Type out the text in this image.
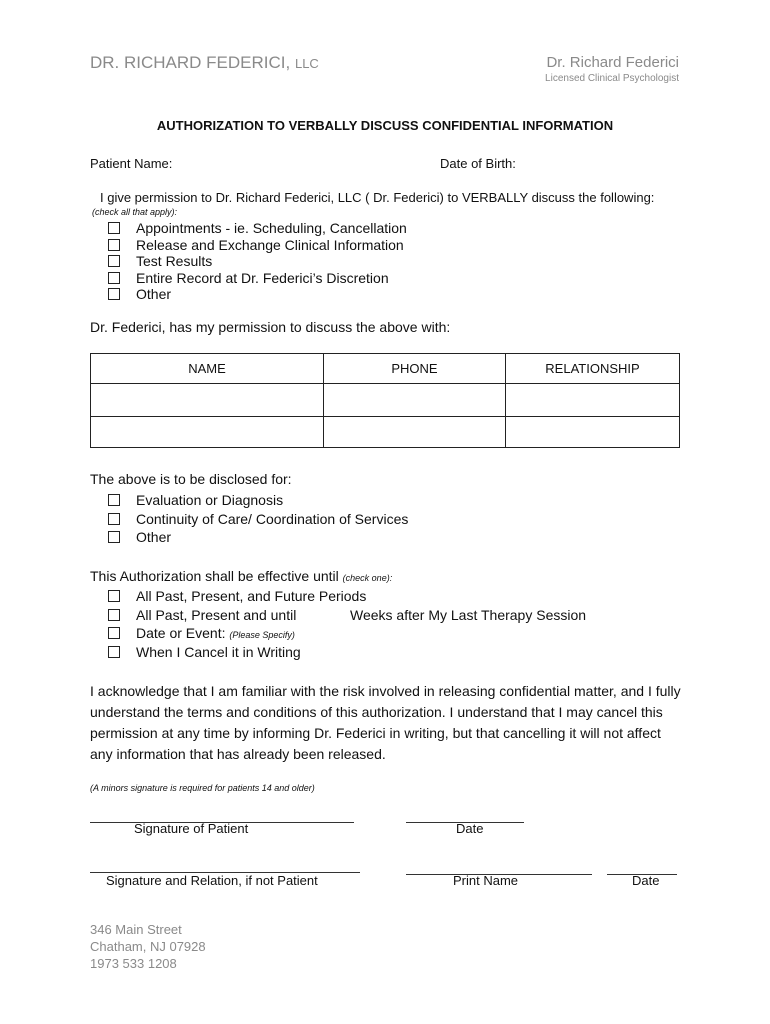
DR. RICHARD FEDERICI, LLC	Dr. Richard Federici
Licensed Clinical Psychologist
AUTHORIZATION TO VERBALLY DISCUSS CONFIDENTIAL INFORMATION
Patient Name:	Date of Birth:
I give permission to Dr. Richard Federici, LLC ( Dr. Federici) to VERBALLY discuss the following:
(check all that apply):
Appointments - ie. Scheduling, Cancellation
Release and Exchange Clinical Information
Test Results
Entire Record at Dr. Federici’s Discretion
Other
Dr. Federici, has my permission to discuss the above with:
NAME	PHONE	RELATIONSHIP

The above is to be disclosed for:
Evaluation or Diagnosis
Continuity of Care/ Coordination of Services
Other
This Authorization shall be effective until (check one):
All Past, Present, and Future Periods
All Past, Present and until	Weeks after My Last Therapy Session
Date or Event: (Please Specify)
When I Cancel it in Writing
I acknowledge that I am familiar with the risk involved in releasing confidential matter, and I fully understand the terms and conditions of this authorization. I understand that I may cancel this permission at any time by informing Dr. Federici in writing, but that cancelling it will not affect any information that has already been released.
(A minors signature is required for patients 14 and older)
Signature of Patient	Date
Signature and Relation, if not Patient	Print Name	Date
346 Main Street
Chatham, NJ 07928
1973 533 1208
